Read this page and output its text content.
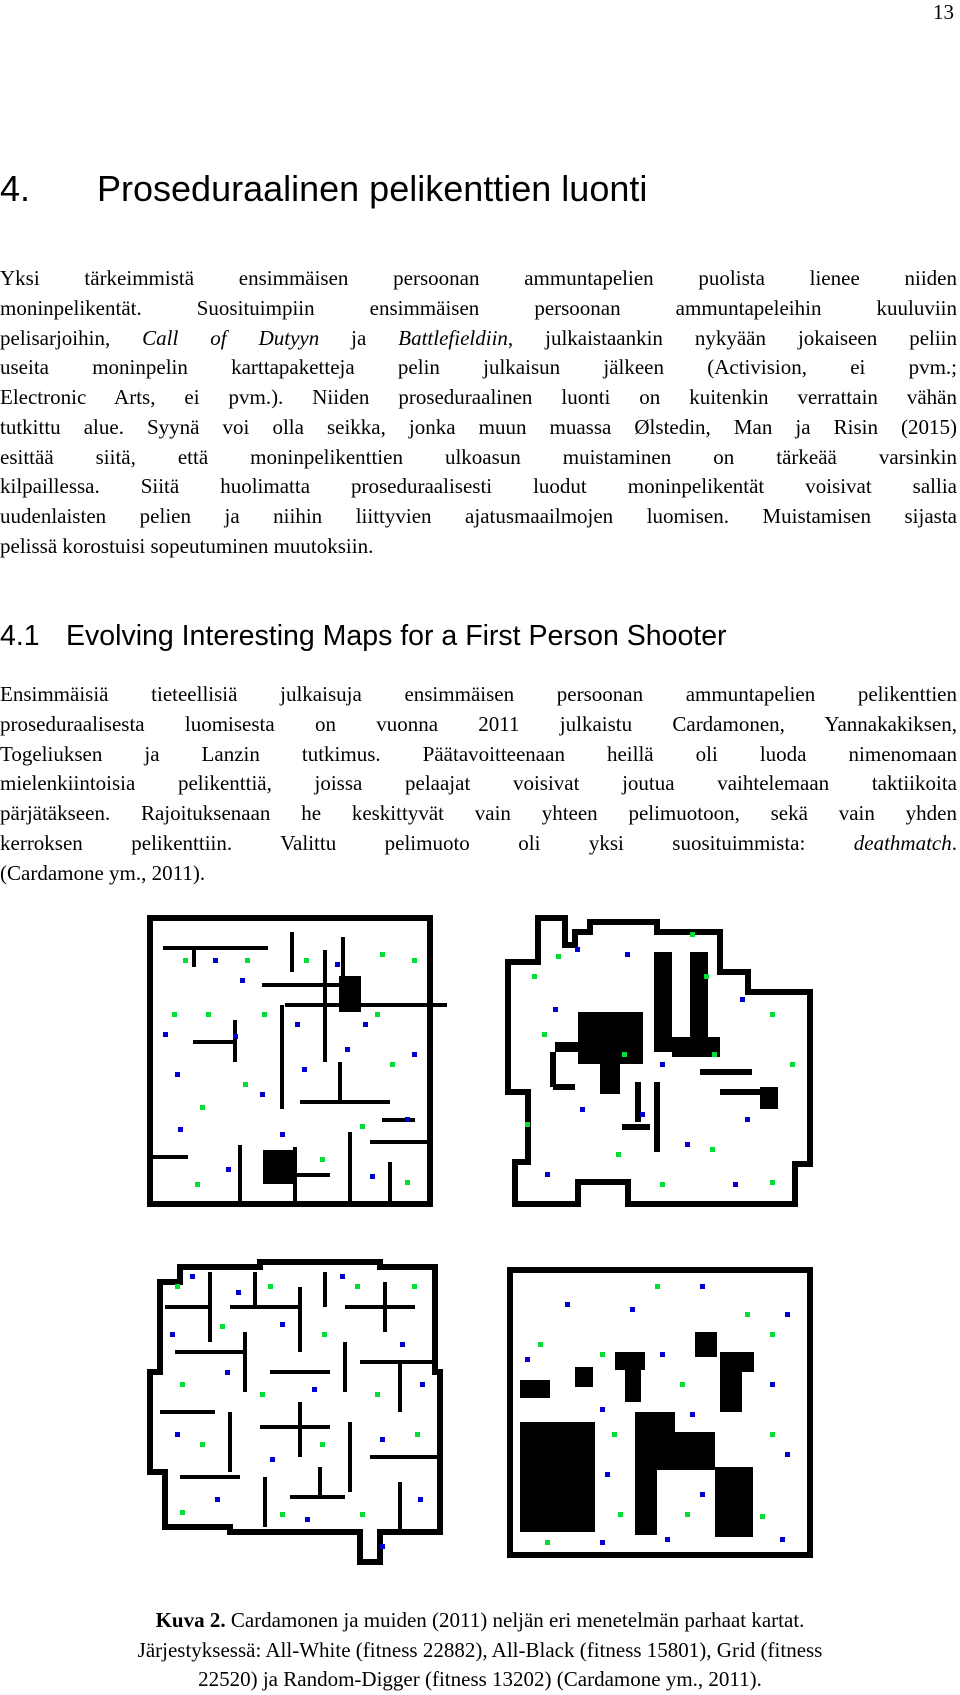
13
4. Proseduraalinen pelikenttien luonti
Yksi tärkeimmistä ensimmäisen persoonan ammuntapelien puolista lienee niiden
moninpelikentät. Suosituimpiin ensimmäisen persoonan ammuntapeleihin kuuluviin
pelisarjoihin, Call of Dutyyn ja Battlefieldiin, julkaistaankin nykyään jokaiseen peliin
useita moninpelin karttapaketteja pelin julkaisun jälkeen (Activision, ei pvm.;
Electronic Arts, ei pvm.). Niiden proseduraalinen luonti on kuitenkin verrattain vähän
tutkittu alue. Syynä voi olla seikka, jonka muun muassa Ølstedin, Man ja Risin (2015)
esittää siitä, että moninpelikenttien ulkoasun muistaminen on tärkeää varsinkin
kilpaillessa. Siitä huolimatta proseduraalisesti luodut moninpelikentät voisivat sallia
uudenlaisten pelien ja niihin liittyvien ajatusmaailmojen luomisen. Muistamisen sijasta
pelissä korostuisi sopeutuminen muutoksiin.
4.1 Evolving Interesting Maps for a First Person Shooter
Ensimmäisiä tieteellisiä julkaisuja ensimmäisen persoonan ammuntapelien pelikenttien
proseduraalisesta luomisesta on vuonna 2011 julkaistu Cardamonen, Yannakakiksen,
Togeliuksen ja Lanzin tutkimus. Päätavoitteenaan heillä oli luoda nimenomaan
mielenkiintoisia pelikenttiä, joissa pelaajat voisivat joutua vaihtelemaan taktiikoita
pärjätäkseen. Rajoituksenaan he keskittyvät vain yhteen pelimuotoon, sekä vain yhden
kerroksen pelikenttiin. Valittu pelimuoto oli yksi suosituimmista: deathmatch.
(Cardamone ym., 2011).
Kuva 2. Cardamonen ja muiden (2011) neljän eri menetelmän parhaat kartat.
Järjestyksessä: All-White (fitness 22882), All-Black (fitness 15801), Grid (fitness
22520) ja Random-Digger (fitness 13202) (Cardamone ym., 2011).
